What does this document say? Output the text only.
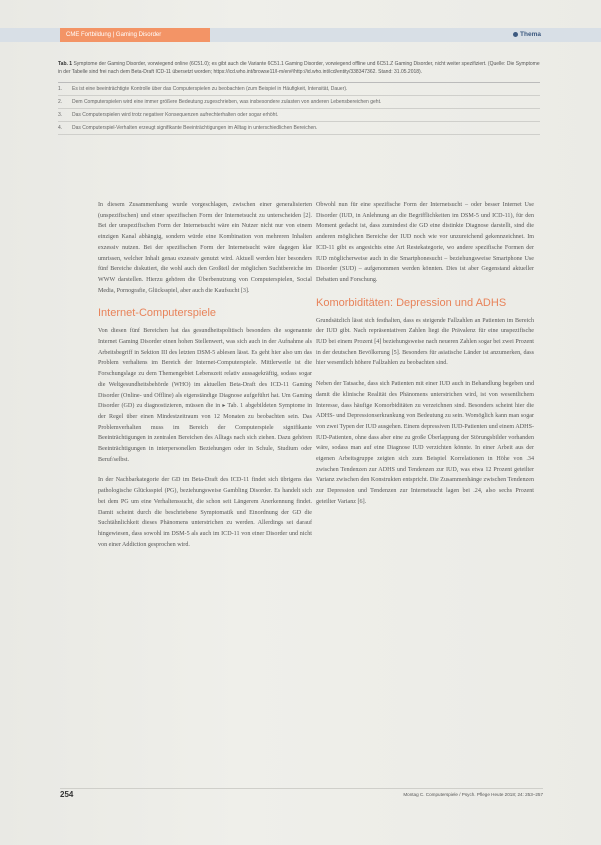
CME Fortbildung | Gaming Disorder	Thema
Tab. 1 Symptome der Gaming Disorder, vorwiegend online (6C51.0); es gibt auch die Variante 6C51.1 Gaming Disorder, vorwiegend offline und 6C51.Z Gaming Disorder, nicht weiter spezifiziert. (Quelle: Die Symptome in der Tabelle sind frei nach dem Beta-Draft ICD-11 übersetzt worden; https://icd.who.int/browse11/l-m/en#/http://id.who.int/icd/entity/338347362. Stand: 31.05.2018).
1.	Es ist eine beeinträchtigte Kontrolle über das Computerspielen zu beobachten (zum Beispiel in Häufigkeit, Intensität, Dauer).
2.	Dem Computerspielen wird eine immer größere Bedeutung zugeschrieben, was insbesondere zulasten von anderen Lebensbereichen geht.
3.	Das Computerspielen wird trotz negativer Konsequenzen aufrechterhalten oder sogar erhöht.
4.	Das Computerspiel-Verhalten erzeugt signifikante Beeinträchtigungen im Alltag in unterschiedlichen Bereichen.

In diesem Zusammenhang wurde vorgeschlagen, zwischen einer generalisierten (unspezifischen) und einer spezifischen Form der Internetsucht zu unterscheiden [2]. Bei der unspezifischen Form der Internetsucht wäre ein Nutzer nicht nur von einem einzigen Kanal abhängig, sondern würde eine Kombination von mehreren Inhalten exzessiv nutzen. Bei der spezifischen Form der Internetsucht wäre dagegen klar umrissen, welcher Inhalt genau exzessiv genutzt wird. Aktuell werden hier besonders fünf Bereiche diskutiert, die wohl auch den Großteil der möglichen Suchtbereiche im WWW darstellen. Hierzu gehören die Überbenutzung von Computerspielen, Social Media, Pornografie, Glücksspiel, aber auch die Kaufsucht [3].

Internet-Computerspiele

Von diesen fünf Bereichen hat das gesundheitspolitisch besonders die sogenannte Internet Gaming Disorder einen hohen Stellenwert, was sich auch in der Aufnahme als Arbeitsbegriff in Sektion III des letzten DSM-5 ablesen lässt. Es geht hier also um das Problem verhaltens im Bereich der Internet-Computerspiele. Mittlerweile ist die Forschungslage zu dem Themengebiet Lebenszeit relativ aussagekräftig, sodass sogar die Weltgesundheitsbehörde (WHO) im aktuellen Beta-Draft des ICD-11 Gaming Disorder (Online- und Offline) als eigenständige Diagnose aufgeführt hat. Um Gaming Disorder (GD) zu diagnostizieren, müssen die in ▸ Tab. 1 abgebildeten Symptome in der Regel über einen Mindestzeitraum von 12 Monaten zu beobachten sein. Das Problemverhalten muss im Bereich der Computerspiele signifikante Beeinträchtigungen in zentralen Bereichen des Alltags nach sich ziehen. Dazu gehören Beeinträchtigungen in interpersonellen Beziehungen oder in Schule, Studium oder Beruf/selbst.

In der Nachbarkategorie der GD im Beta-Draft des ICD-11 findet sich übrigens das pathologische Glücksspiel (PG), beziehungsweise Gambling Disorder. Es handelt sich bei dem PG um eine Verhaltenssucht, die schon seit Längerem Anerkennung findet. Damit scheint durch die beschriebene Symptomatik und Einordnung der GD die Suchtähnlichkeit dieses Phänomens unterstrichen zu werden. Allerdings sei darauf hingewiesen, dass sowohl im DSM-5 als auch im ICD-11 von einer Disorder und nicht von einer Addiction gesprochen wird.

Obwohl nun für eine spezifische Form der Internetsucht – oder besser Internet Use Disorder (IUD, in Anlehnung an die Begrifflichkeiten im DSM-5 und ICD-11), für den Moment gedacht ist, dass zumindest die GD eine distinkte Diagnose darstellt, sind die anderen möglichen Bereiche der IUD noch wie vor unzureichend gekennzeichnet. Im ICD-11 gibt es angesichts eine Art Restekategorie, wo andere spezifische Formen der IUD möglicherweise auch in die Smartphonesucht – beziehungsweise Smartphone Use Disorder (SUD) – aufgenommen werden könnten. Dies ist aber Gegenstand aktueller Debatten und Forschung.

Komorbiditäten: Depression und ADHS

Grundsätzlich lässt sich festhalten, dass es steigende Fallzahlen an Patienten im Bereich der IUD gibt. Nach repräsentativen Zahlen liegt die Prävalenz für eine unspezifische IUD bei einem Prozent [4] beziehungsweise nach neueren Zahlen sogar bei zwei Prozent in der deutschen Bevölkerung [5]. Besonders für asiatische Länder ist anzumerken, dass hier wesentlich höhere Fallzahlen zu beobachten sind.

Neben der Tatsache, dass sich Patienten mit einer IUD auch in Behandlung begeben und damit die klinische Realität des Phänomens unterstrichen wird, ist von wesentlichem Interesse, dass häufige Komorbiditäten zu verzeichnen sind. Besonders scheint hier die ADHS- und Depressionserkrankung von Bedeutung zu sein. Womöglich kann man sogar von zwei Typen der IUD ausgehen. Einem depressiven IUD-Patienten und einem ADHS-IUD-Patienten, ohne dass aber eine zu große Überlappung der Störungsbilder vorhanden wäre, sodass man auf eine Diagnose IUD verzichten könnte. In einer Arbeit aus der eigenen Arbeitsgruppe zeigten sich zum Beispiel Korrelationen in Höhe von .34 zwischen Tendenzen zur ADHS und Tendenzen zur IUD, was etwa 12 Prozent geteilter Varianz zwischen den Konstrukten entspricht. Die Zusammenhänge zwischen Tendenzen zur Depression und Tendenzen zur Internetsucht lagen bei .24, also sechs Prozent geteilter Varianz [6].

254	Montag C. Computerspiele / Psych. Pflege Heute 2018; 24: 253–257
